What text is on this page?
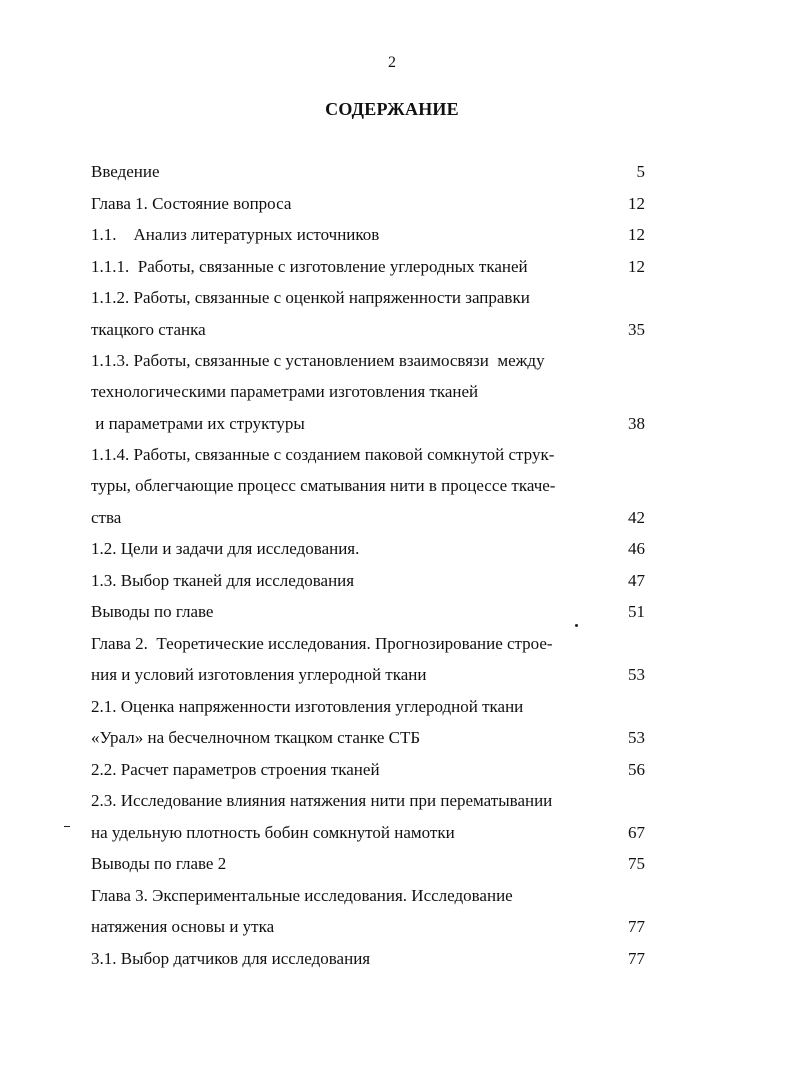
2
СОДЕРЖАНИЕ
Введение	5
Глава 1. Состояние вопроса	12
1.1.    Анализ литературных источников	12
1.1.1.  Работы, связанные с изготовление углеродных тканей	12
1.1.2. Работы, связанные с оценкой напряженности заправки
ткацкого станка	35
1.1.3. Работы, связанные с установлением взаимосвязи  между
технологическими параметрами изготовления тканей
и параметрами их структуры	38
1.1.4. Работы, связанные с созданием паковой сомкнутой струк-
туры, облегчающие процесс сматывания нити в процессе ткаче-
ства	42
1.2. Цели и задачи для исследования.	46
1.3. Выбор тканей для исследования	47
Выводы по главе	51
Глава 2.  Теоретические исследования. Прогнозирование строе-
ния и условий изготовления углеродной ткани	53
2.1. Оценка напряженности изготовления углеродной ткани
«Урал» на бесчелночном ткацком станке СТБ	53
2.2. Расчет параметров строения тканей	56
2.3. Исследование влияния натяжения нити при перематывании
на удельную плотность бобин сомкнутой намотки	67
Выводы по главе 2	75
Глава 3. Экспериментальные исследования. Исследование
натяжения основы и утка	77
3.1. Выбор датчиков для исследования	77
